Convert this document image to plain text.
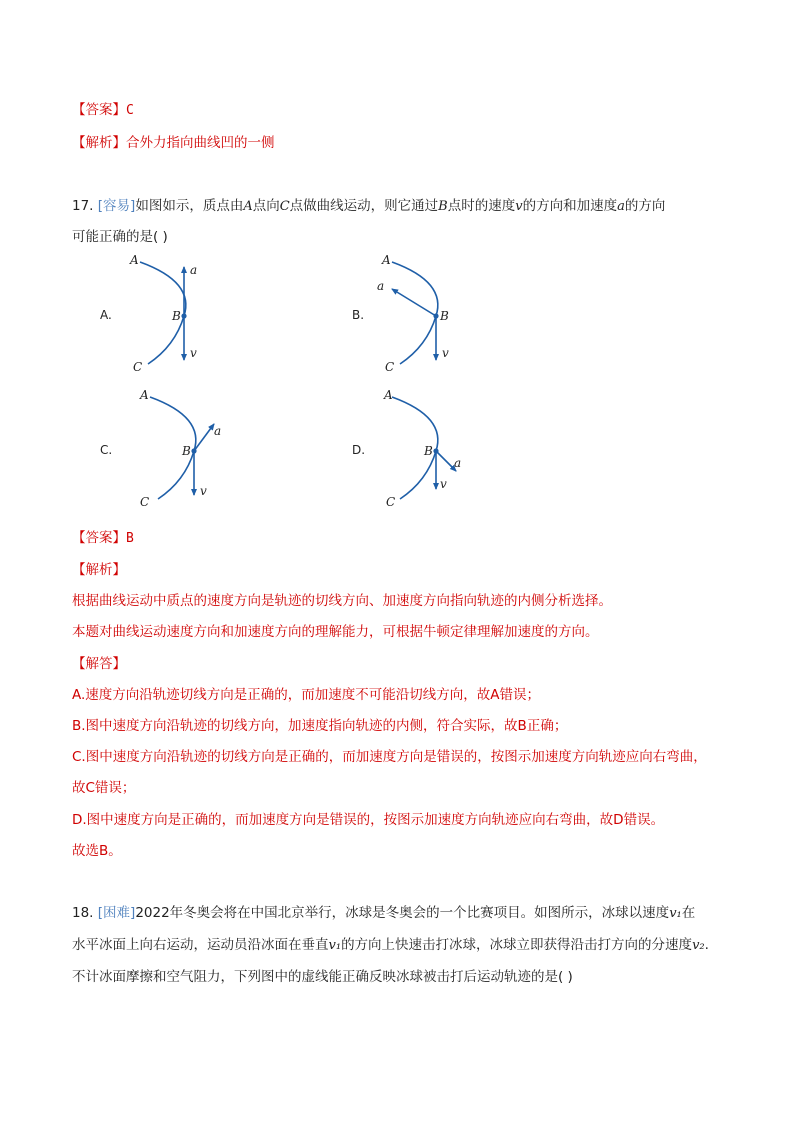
【答案】C
【解析】合外力指向曲线凹的一侧
17. [容易]如图如示，质点由A点向C点做曲线运动，则它通过B点时的速度v的方向和加速度a的方向
可能正确的是( )
A.
A
B
C
a
v
B.
A
B
C
a
v
C.
A
B
C
a
v
D.
A
B
C
a
v
【答案】B
【解析】
根据曲线运动中质点的速度方向是轨迹的切线方向、加速度方向指向轨迹的内侧分析选择。
本题对曲线运动速度方向和加速度方向的理解能力，可根据牛顿定律理解加速度的方向。
【解答】
A.速度方向沿轨迹切线方向是正确的，而加速度不可能沿切线方向，故A错误；
B.图中速度方向沿轨迹的切线方向，加速度指向轨迹的内侧，符合实际，故B正确；
C.图中速度方向沿轨迹的切线方向是正确的，而加速度方向是错误的，按图示加速度方向轨迹应向右弯曲，
故C错误；
D.图中速度方向是正确的，而加速度方向是错误的，按图示加速度方向轨迹应向右弯曲，故D错误。
故选B。
18. [困难]2022年冬奥会将在中国北京举行，冰球是冬奥会的一个比赛项目。如图所示，冰球以速度v₁在
水平冰面上向右运动，运动员沿冰面在垂直v₁的方向上快速击打冰球，冰球立即获得沿击打方向的分速度v₂.
不计冰面摩擦和空气阻力，下列图中的虚线能正确反映冰球被击打后运动轨迹的是( )
